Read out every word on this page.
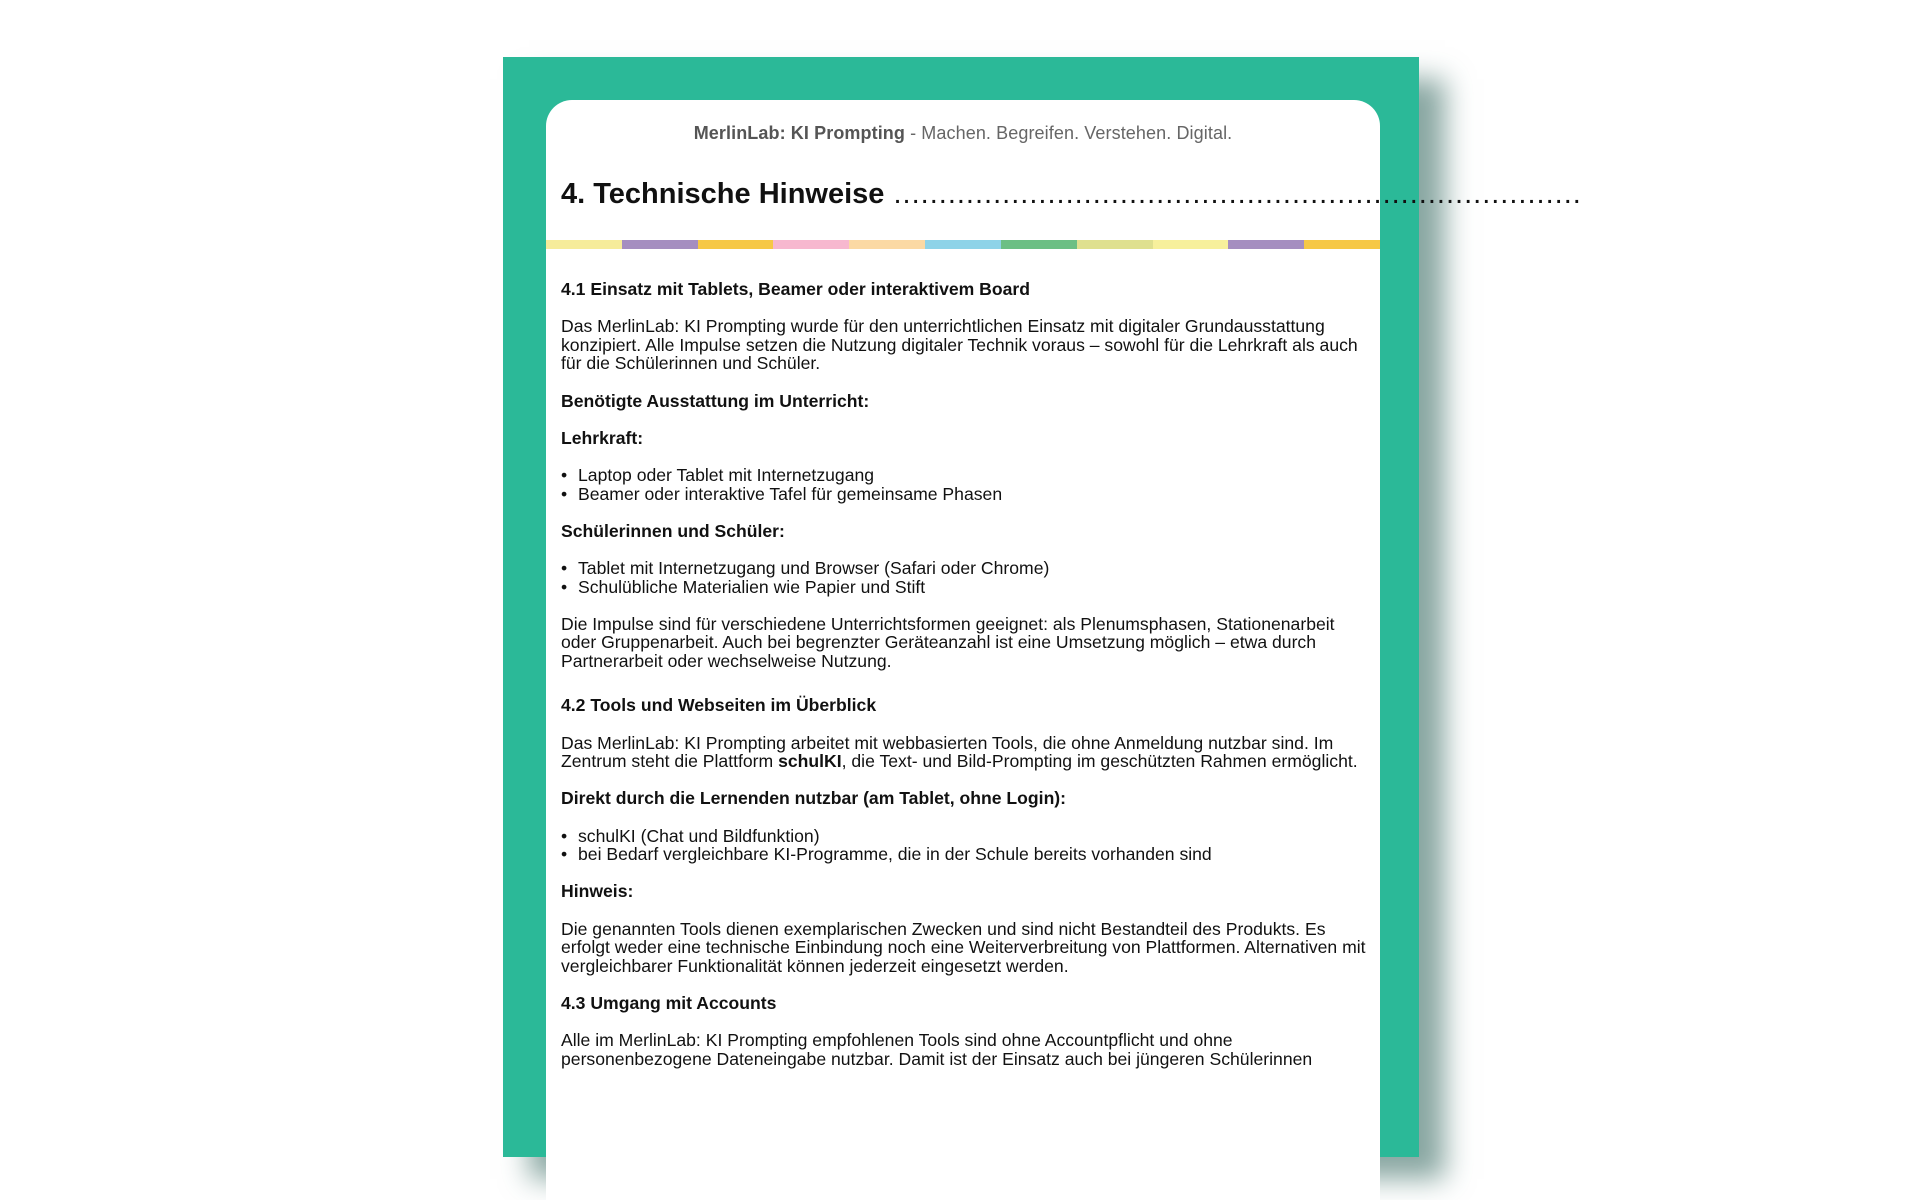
MerlinLab: KI Prompting - Machen. Begreifen. Verstehen. Digital.
4. Technische Hinweise ............................................................................

4.1 Einsatz mit Tablets, Beamer oder interaktivem Board

Das MerlinLab: KI Prompting wurde für den unterrichtlichen Einsatz mit digitaler Grundausstattung konzipiert. Alle Impulse setzen die Nutzung digitaler Technik voraus – sowohl für die Lehrkraft als auch für die Schülerinnen und Schüler.

Benötigte Ausstattung im Unterricht:

Lehrkraft:

• Laptop oder Tablet mit Internetzugang
• Beamer oder interaktive Tafel für gemeinsame Phasen

Schülerinnen und Schüler:

• Tablet mit Internetzugang und Browser (Safari oder Chrome)
• Schulübliche Materialien wie Papier und Stift

Die Impulse sind für verschiedene Unterrichtsformen geeignet: als Plenumsphasen, Stationenarbeit oder Gruppenarbeit. Auch bei begrenzter Geräteanzahl ist eine Umsetzung möglich – etwa durch Partnerarbeit oder wechselweise Nutzung.

4.2 Tools und Webseiten im Überblick

Das MerlinLab: KI Prompting arbeitet mit webbasierten Tools, die ohne Anmeldung nutzbar sind. Im Zentrum steht die Plattform schulKI, die Text- und Bild-Prompting im geschützten Rahmen ermöglicht.

Direkt durch die Lernenden nutzbar (am Tablet, ohne Login):

• schulKI (Chat und Bildfunktion)
• bei Bedarf vergleichbare KI-Programme, die in der Schule bereits vorhanden sind

Hinweis:

Die genannten Tools dienen exemplarischen Zwecken und sind nicht Bestandteil des Produkts. Es erfolgt weder eine technische Einbindung noch eine Weiterverbreitung von Plattformen. Alternativen mit vergleichbarer Funktionalität können jederzeit eingesetzt werden.

4.3 Umgang mit Accounts

Alle im MerlinLab: KI Prompting empfohlenen Tools sind ohne Accountpflicht und ohne personenbezogene Dateneingabe nutzbar. Damit ist der Einsatz auch bei jüngeren Schülerinnen
